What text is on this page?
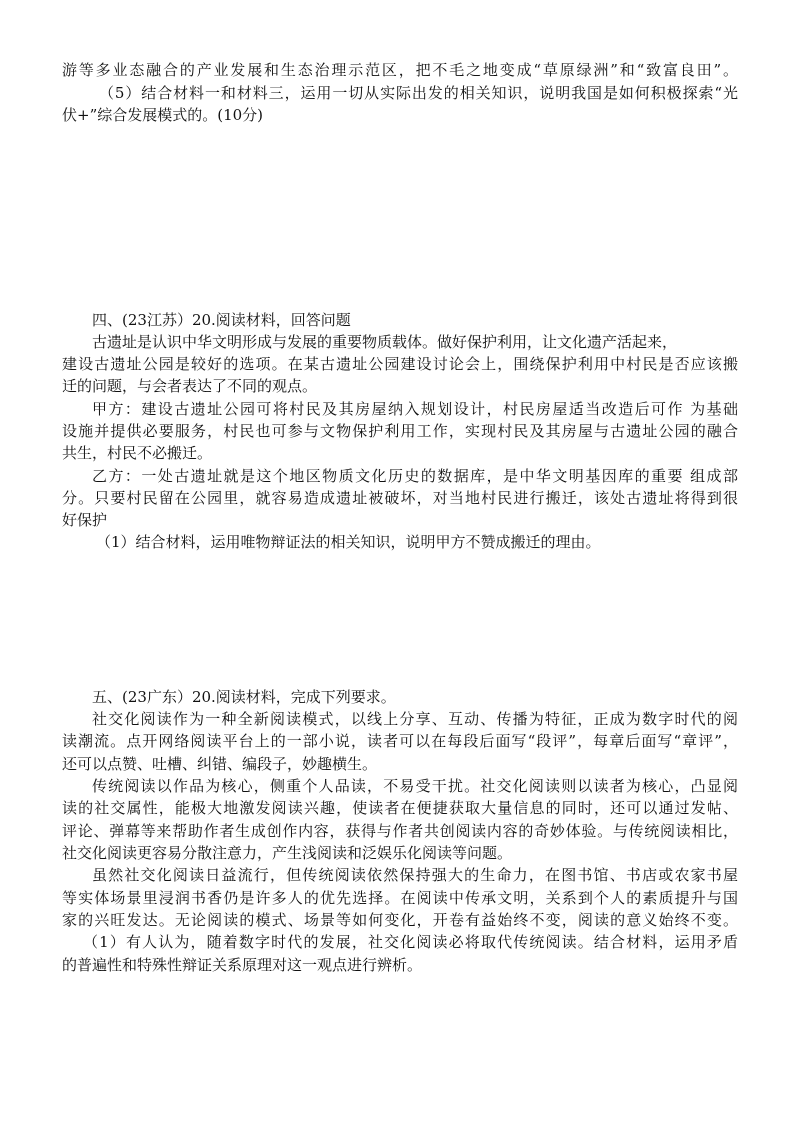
游等多业态融合的产业发展和生态治理示范区，把不毛之地变成“草原绿洲”和“致富良田”。
（5）结合材料一和材料三，运用一切从实际出发的相关知识，说明我国是如何积极探索“光
伏+”综合发展模式的。(10分)
四、(23江苏）20.阅读材料，回答问题
古遗址是认识中华文明形成与发展的重要物质载体。做好保护利用，让文化遗产活起来，
建设古遗址公园是较好的选项。在某古遗址公园建设讨论会上，围绕保护利用中村民是否应该搬
迁的问题，与会者表达了不同的观点。
甲方：建设古遗址公园可将村民及其房屋纳入规划设计，村民房屋适当改造后可作 为基础
设施并提供必要服务，村民也可参与文物保护利用工作，实现村民及其房屋与古遗址公园的融合
共生，村民不必搬迁。
乙方：一处古遗址就是这个地区物质文化历史的数据库，是中华文明基因库的重要 组成部
分。只要村民留在公园里，就容易造成遗址被破坏，对当地村民进行搬迁，该处古遗址将得到很
好保护
（1）结合材料，运用唯物辩证法的相关知识，说明甲方不赞成搬迁的理由。
五、(23广东）20.阅读材料，完成下列要求。
社交化阅读作为一种全新阅读模式，以线上分享、互动、传播为特征，正成为数字时代的阅
读潮流。点开网络阅读平台上的一部小说，读者可以在每段后面写“段评”，每章后面写“章评”，
还可以点赞、吐槽、纠错、编段子，妙趣横生。
传统阅读以作品为核心，侧重个人品读，不易受干扰。社交化阅读则以读者为核心，凸显阅
读的社交属性，能极大地激发阅读兴趣，使读者在便捷获取大量信息的同时，还可以通过发帖、
评论、弹幕等来帮助作者生成创作内容，获得与作者共创阅读内容的奇妙体验。与传统阅读相比，
社交化阅读更容易分散注意力，产生浅阅读和泛娱乐化阅读等问题。
虽然社交化阅读日益流行，但传统阅读依然保持强大的生命力，在图书馆、书店或农家书屋
等实体场景里浸润书香仍是许多人的优先选择。在阅读中传承文明，关系到个人的素质提升与国
家的兴旺发达。无论阅读的模式、场景等如何变化，开卷有益始终不变，阅读的意义始终不变。
（1）有人认为，随着数字时代的发展，社交化阅读必将取代传统阅读。结合材料，运用矛盾
的普遍性和特殊性辩证关系原理对这一观点进行辨析。
